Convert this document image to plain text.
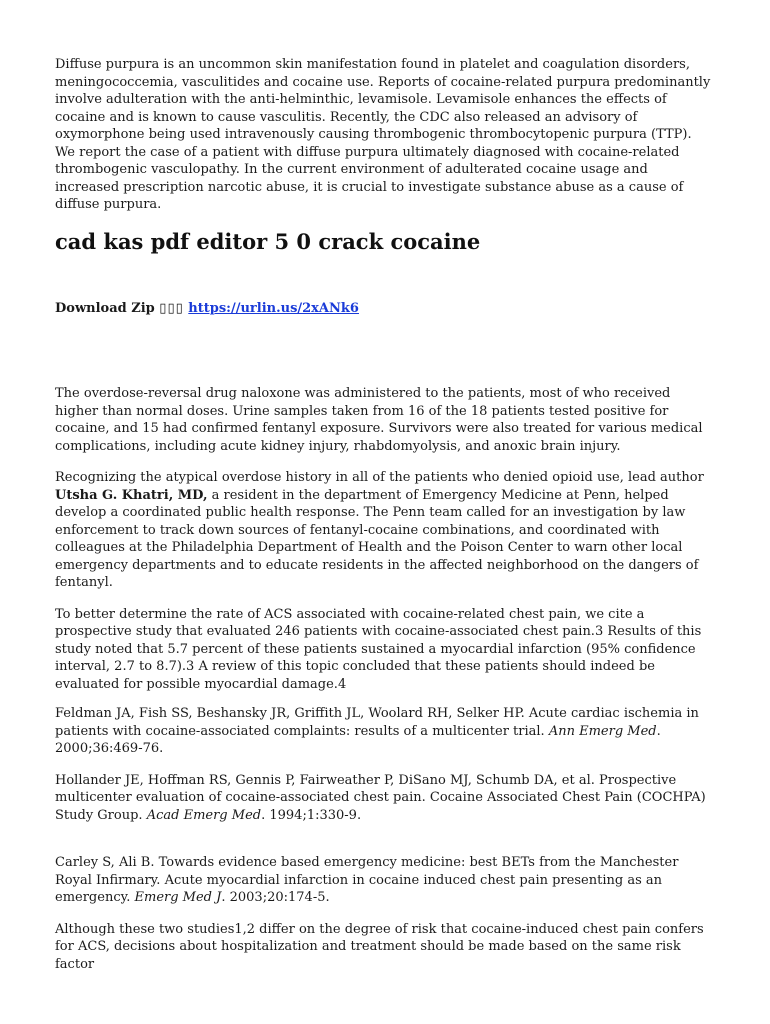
Diffuse purpura is an uncommon skin manifestation found in platelet and coagulation disorders, meningococcemia, vasculitides and cocaine use. Reports of cocaine-related purpura predominantly involve adulteration with the anti-helminthic, levamisole. Levamisole enhances the effects of cocaine and is known to cause vasculitis. Recently, the CDC also released an advisory of oxymorphone being used intravenously causing thrombogenic thrombocytopenic purpura (TTP). We report the case of a patient with diffuse purpura ultimately diagnosed with cocaine-related thrombogenic vasculopathy. In the current environment of adulterated cocaine usage and increased prescription narcotic abuse, it is crucial to investigate substance abuse as a cause of diffuse purpura.

cad kas pdf editor 5 0 crack cocaine

Download Zip ▯▯▯ https://urlin.us/2xANk6

The overdose-reversal drug naloxone was administered to the patients, most of who received higher than normal doses. Urine samples taken from 16 of the 18 patients tested positive for cocaine, and 15 had confirmed fentanyl exposure. Survivors were also treated for various medical complications, including acute kidney injury, rhabdomyolysis, and anoxic brain injury.

Recognizing the atypical overdose history in all of the patients who denied opioid use, lead author Utsha G. Khatri, MD, a resident in the department of Emergency Medicine at Penn, helped develop a coordinated public health response. The Penn team called for an investigation by law enforcement to track down sources of fentanyl-cocaine combinations, and coordinated with colleagues at the Philadelphia Department of Health and the Poison Center to warn other local emergency departments and to educate residents in the affected neighborhood on the dangers of fentanyl.

To better determine the rate of ACS associated with cocaine-related chest pain, we cite a prospective study that evaluated 246 patients with cocaine-associated chest pain.3 Results of this study noted that 5.7 percent of these patients sustained a myocardial infarction (95% confidence interval, 2.7 to 8.7).3 A review of this topic concluded that these patients should indeed be evaluated for possible myocardial damage.4

Feldman JA, Fish SS, Beshansky JR, Griffith JL, Woolard RH, Selker HP. Acute cardiac ischemia in patients with cocaine-associated complaints: results of a multicenter trial. Ann Emerg Med. 2000;36:469-76.

Hollander JE, Hoffman RS, Gennis P, Fairweather P, DiSano MJ, Schumb DA, et al. Prospective multicenter evaluation of cocaine-associated chest pain. Cocaine Associated Chest Pain (COCHPA) Study Group. Acad Emerg Med. 1994;1:330-9.

Carley S, Ali B. Towards evidence based emergency medicine: best BETs from the Manchester Royal Infirmary. Acute myocardial infarction in cocaine induced chest pain presenting as an emergency. Emerg Med J. 2003;20:174-5.

Although these two studies1,2 differ on the degree of risk that cocaine-induced chest pain confers for ACS, decisions about hospitalization and treatment should be made based on the same risk factor
